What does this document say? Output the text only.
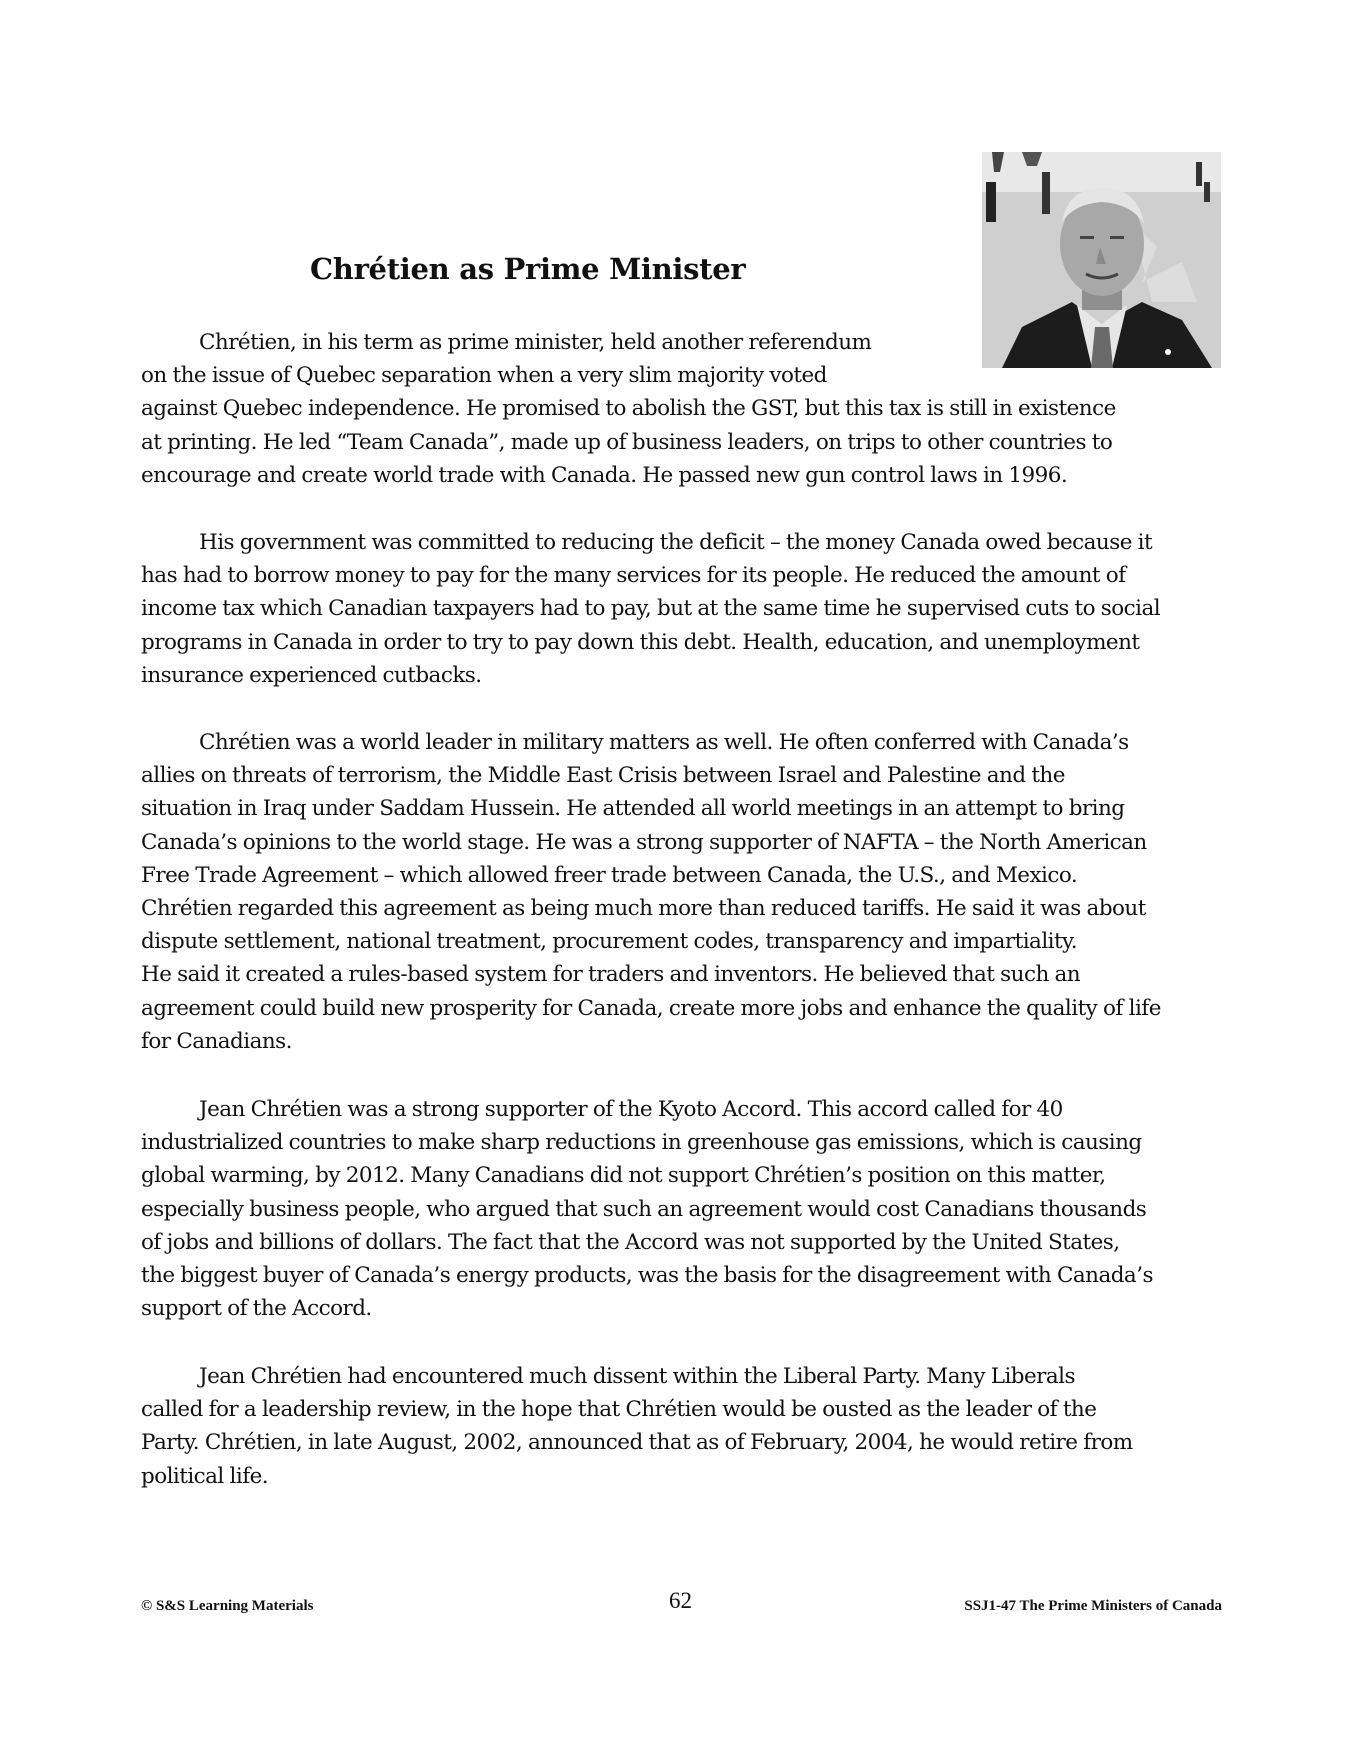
Chrétien as Prime Minister

Chrétien, in his term as prime minister, held another referendum
on the issue of Quebec separation when a very slim majority voted
against Quebec independence. He promised to abolish the GST, but this tax is still in existence
at printing. He led “Team Canada”, made up of business leaders, on trips to other countries to
encourage and create world trade with Canada. He passed new gun control laws in 1996.

His government was committed to reducing the deficit – the money Canada owed because it
has had to borrow money to pay for the many services for its people. He reduced the amount of
income tax which Canadian taxpayers had to pay, but at the same time he supervised cuts to social
programs in Canada in order to try to pay down this debt. Health, education, and unemployment
insurance experienced cutbacks.

Chrétien was a world leader in military matters as well. He often conferred with Canada’s
allies on threats of terrorism, the Middle East Crisis between Israel and Palestine and the
situation in Iraq under Saddam Hussein. He attended all world meetings in an attempt to bring
Canada’s opinions to the world stage. He was a strong supporter of NAFTA – the North American
Free Trade Agreement – which allowed freer trade between Canada, the U.S., and Mexico.
Chrétien regarded this agreement as being much more than reduced tariffs. He said it was about
dispute settlement, national treatment, procurement codes, transparency and impartiality.
He said it created a rules-based system for traders and inventors. He believed that such an
agreement could build new prosperity for Canada, create more jobs and enhance the quality of life
for Canadians.

Jean Chrétien was a strong supporter of the Kyoto Accord. This accord called for 40
industrialized countries to make sharp reductions in greenhouse gas emissions, which is causing
global warming, by 2012. Many Canadians did not support Chrétien’s position on this matter,
especially business people, who argued that such an agreement would cost Canadians thousands
of jobs and billions of dollars. The fact that the Accord was not supported by the United States,
the biggest buyer of Canada’s energy products, was the basis for the disagreement with Canada’s
support of the Accord.

Jean Chrétien had encountered much dissent within the Liberal Party. Many Liberals
called for a leadership review, in the hope that Chrétien would be ousted as the leader of the
Party. Chrétien, in late August, 2002, announced that as of February, 2004, he would retire from
political life.

© S&S Learning Materials	62	SSJ1-47 The Prime Ministers of Canada
